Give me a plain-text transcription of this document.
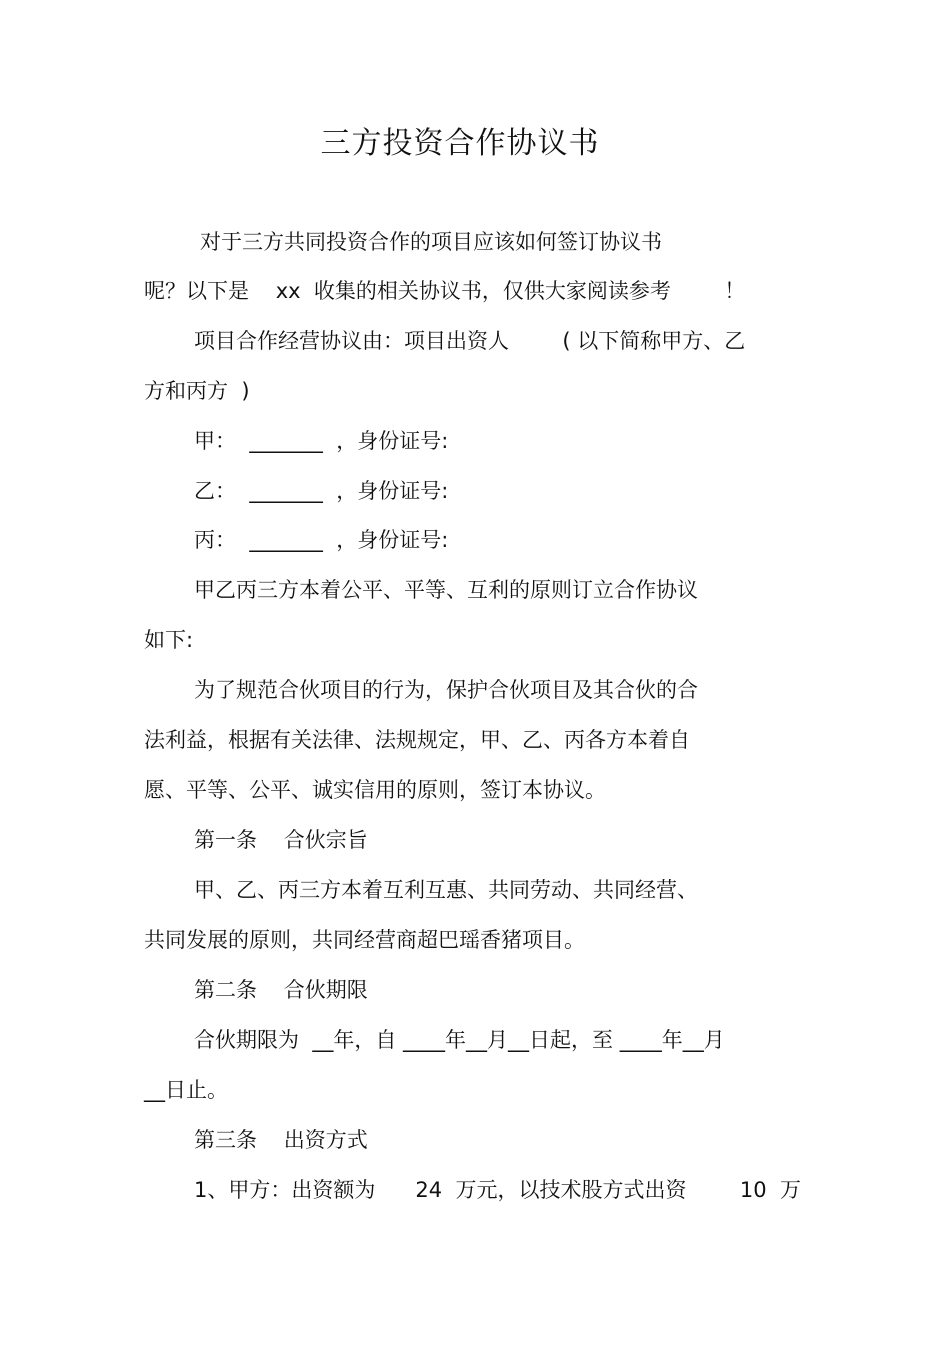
三方投资合作协议书
对于三方共同投资合作的项目应该如何签订协议书
呢？以下是    xx  收集的相关协议书，仅供大家阅读参考        ！
项目合作经营协议由：项目出资人        ( 以下简称甲方、乙
方和丙方  )
甲：  _______  ，身份证号:
乙：  _______  ，身份证号:
丙：  _______  ，身份证号:
甲乙丙三方本着公平、平等、互利的原则订立合作协议
如下:
为了规范合伙项目的行为，保护合伙项目及其合伙的合
法利益，根据有关法律、法规规定，甲、乙、丙各方本着自
愿、平等、公平、诚实信用的原则，签订本协议。
第一条    合伙宗旨
甲、乙、丙三方本着互利互惠、共同劳动、共同经营、
共同发展的原则，共同经营商超巴瑶香猪项目。
第二条    合伙期限
合伙期限为  __年，自 ____年__月__日起，至 ____年__月
__日止。
第三条    出资方式
1、甲方：出资额为      24  万元，以技术股方式出资        10  万
